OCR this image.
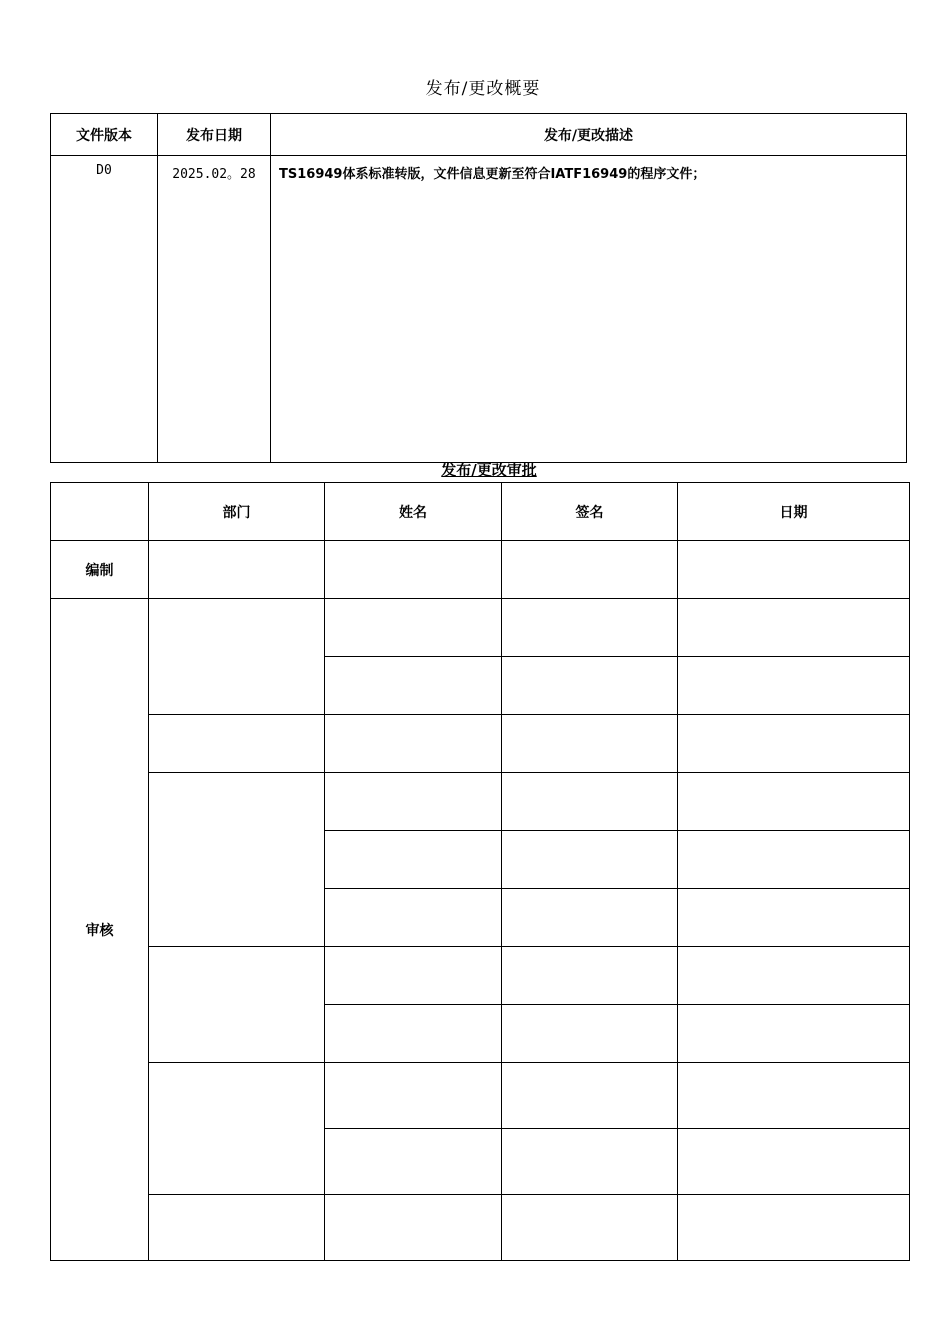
发布/更改概要
文件版本	发布日期	发布/更改描述
D0	2025.02。28	TS16949体系标准转版，文件信息更新至符合IATF16949的程序文件；
发布/更改审批
	部门	姓名	签名	日期
编制				
审核				
